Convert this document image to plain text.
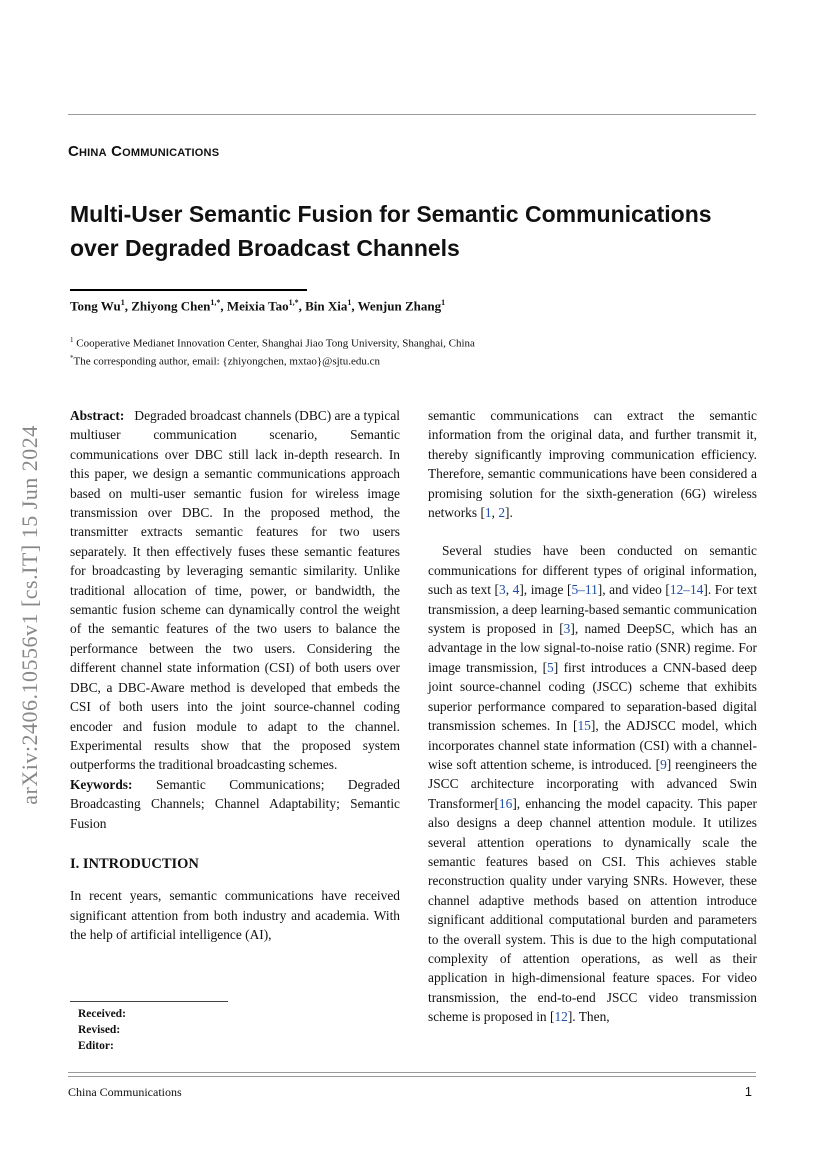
China Communications
Multi-User Semantic Fusion for Semantic Communications
over Degraded Broadcast Channels
Tong Wu$^1$, Zhiyong Chen$^{1,*}$, Meixia Tao$^{1,*}$, Bin Xia$^1$, Wenjun Zhang$^1$
$^1$ Cooperative Medianet Innovation Center, Shanghai Jiao Tong University, Shanghai, China
*The corresponding author, email: {zhiyongchen, mxtao}@sjtu.edu.cn
arXiv:2406.10556v1 [cs.IT] 15 Jun 2024

Abstract: Degraded broadcast channels (DBC) are a typical multiuser communication scenario, Semantic communications over DBC still lack in-depth research. In this paper, we design a semantic communications approach based on multi-user semantic fusion for wireless image transmission over DBC. In the proposed method, the transmitter extracts semantic features for two users separately. It then effectively fuses these semantic features for broadcasting by leveraging semantic similarity. Unlike traditional allocation of time, power, or bandwidth, the semantic fusion scheme can dynamically control the weight of the semantic features of the two users to balance the performance between the two users. Considering the different channel state information (CSI) of both users over DBC, a DBC-Aware method is developed that embeds the CSI of both users into the joint source-channel coding encoder and fusion module to adapt to the channel. Experimental results show that the proposed system outperforms the traditional broadcasting schemes.

Keywords: Semantic Communications; Degraded Broadcasting Channels; Channel Adaptability; Semantic Fusion

I. INTRODUCTION

In recent years, semantic communications have received significant attention from both industry and academia. With the help of artificial intelligence (AI),

semantic communications can extract the semantic information from the original data, and further transmit it, thereby significantly improving communication efficiency. Therefore, semantic communications have been considered a promising solution for the sixth-generation (6G) wireless networks [1, 2].

Several studies have been conducted on semantic communications for different types of original information, such as text [3, 4], image [5–11], and video [12–14]. For text transmission, a deep learning-based semantic communication system is proposed in [3], named DeepSC, which has an advantage in the low signal-to-noise ratio (SNR) regime. For image transmission, [5] first introduces a CNN-based deep joint source-channel coding (JSCC) scheme that exhibits superior performance compared to separation-based digital transmission schemes. In [15], the ADJSCC model, which incorporates channel state information (CSI) with a channel-wise soft attention scheme, is introduced. [9] reengineers the JSCC architecture incorporating with advanced Swin Transformer[16], enhancing the model capacity. This paper also designs a deep channel attention module. It utilizes several attention operations to dynamically scale the semantic features based on CSI. This achieves stable reconstruction quality under varying SNRs. However, these channel adaptive methods based on attention introduce significant additional computational burden and parameters to the overall system. This is due to the high computational complexity of attention operations, as well as their application in high-dimensional feature spaces. For video transmission, the end-to-end JSCC video transmission scheme is proposed in [12]. Then,

Received:
Revised:
Editor:
China Communications	1
